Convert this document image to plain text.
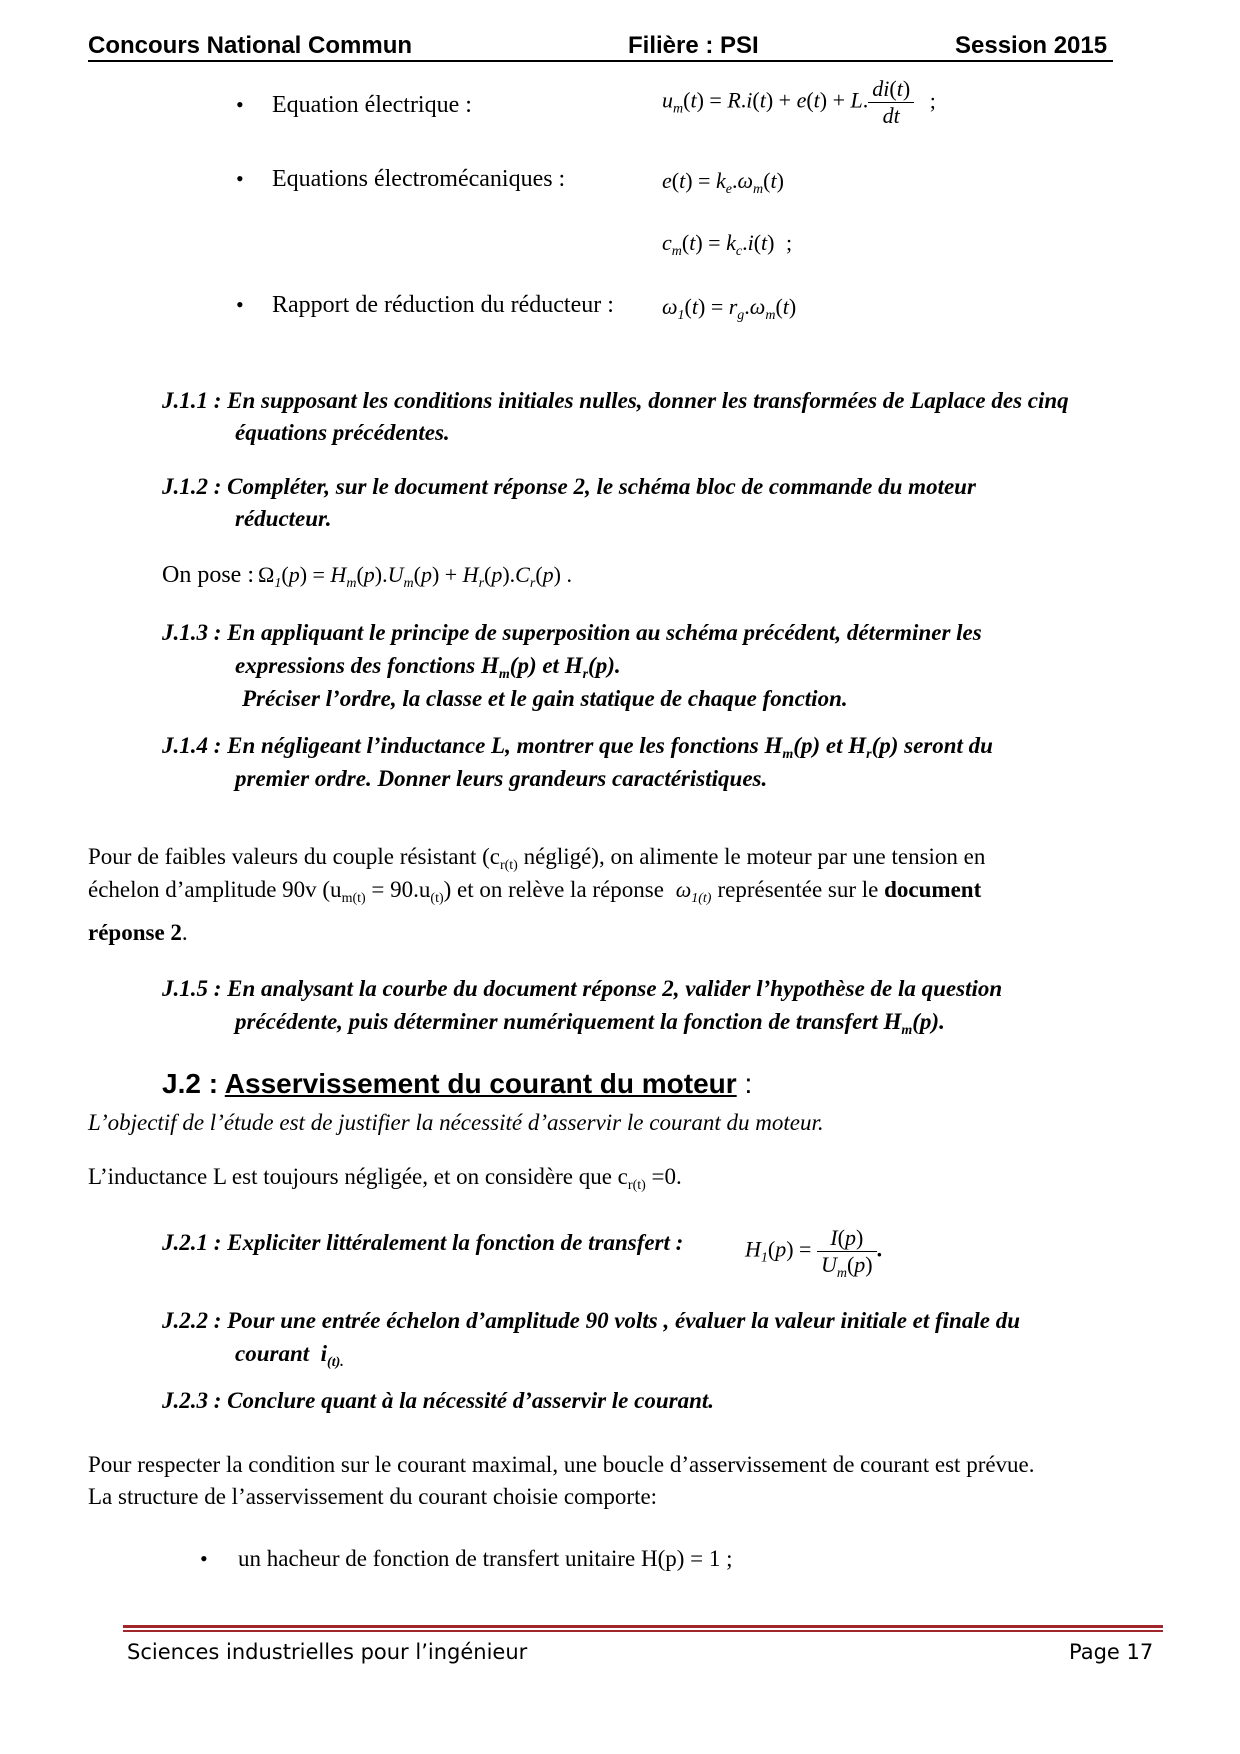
Concours National Commun	Filière : PSI	Session 2015
• Equation électrique :	$u_m(t) = R.i(t) + e(t) + L$. $\frac{di(t)}{dt}$ ;
• Equations électromécaniques :	$e(t) = k_e.\omega_m(t)$
$c_m(t) = k_c.i(t)$ ;
• Rapport de réduction du réducteur : $\omega_1(t) = r_g.\omega_m(t)$
J.1.1 : En supposant les conditions initiales nulles, donner les transformées de Laplace des cinq
équations précédentes.
J.1.2 : Compléter, sur le document réponse 2, le schéma bloc de commande du moteur
réducteur.
On pose : $\Omega_1(p) = H_m(p).U_m(p) + H_r(p).C_r(p)$ .
J.1.3 : En appliquant le principe de superposition au schéma précédent, déterminer les
expressions des fonctions $H_m(p)$ et $H_r(p)$.
Préciser l’ordre, la classe et le gain statique de chaque fonction.
J.1.4 : En négligeant l’inductance L, montrer que les fonctions $H_m(p)$ et $H_r(p)$ seront du
premier ordre. Donner leurs grandeurs caractéristiques.
Pour de faibles valeurs du couple résistant ($c_{r(t)}$ négligé), on alimente le moteur par une tension en
échelon d’amplitude 90v $(u_{m(t)} = 90.u_{(t)})$ et on relève la réponse $\omega_{1(t)}$ représentée sur le document
réponse 2.
J.1.5 : En analysant la courbe du document réponse 2, valider l’hypothèse de la question
précédente, puis déterminer numériquement la fonction de transfert $H_m(p)$.
J.2 : Asservissement du courant du moteur :
L’objectif de l’étude est de justifier la nécessité d’asservir le courant du moteur.
L’inductance L est toujours négligée, et on considère que $c_{r(t)} =0$.
J.2.1 : Expliciter littéralement la fonction de transfert :	$H_1(p) = \frac{I(p)}{U_m(p)}$ .
J.2.2 : Pour une entrée échelon d’amplitude 90 volts , évaluer la valeur initiale et finale du
courant  $i_{(t).}$
J.2.3 : Conclure quant à la nécessité d’asservir le courant.
Pour respecter la condition sur le courant maximal, une boucle d’asservissement de courant est prévue.
La structure de l’asservissement du courant choisie comporte:
• un hacheur de fonction de transfert unitaire H(p) = 1 ;
Sciences industrielles pour l’ingénieur	Page 17
